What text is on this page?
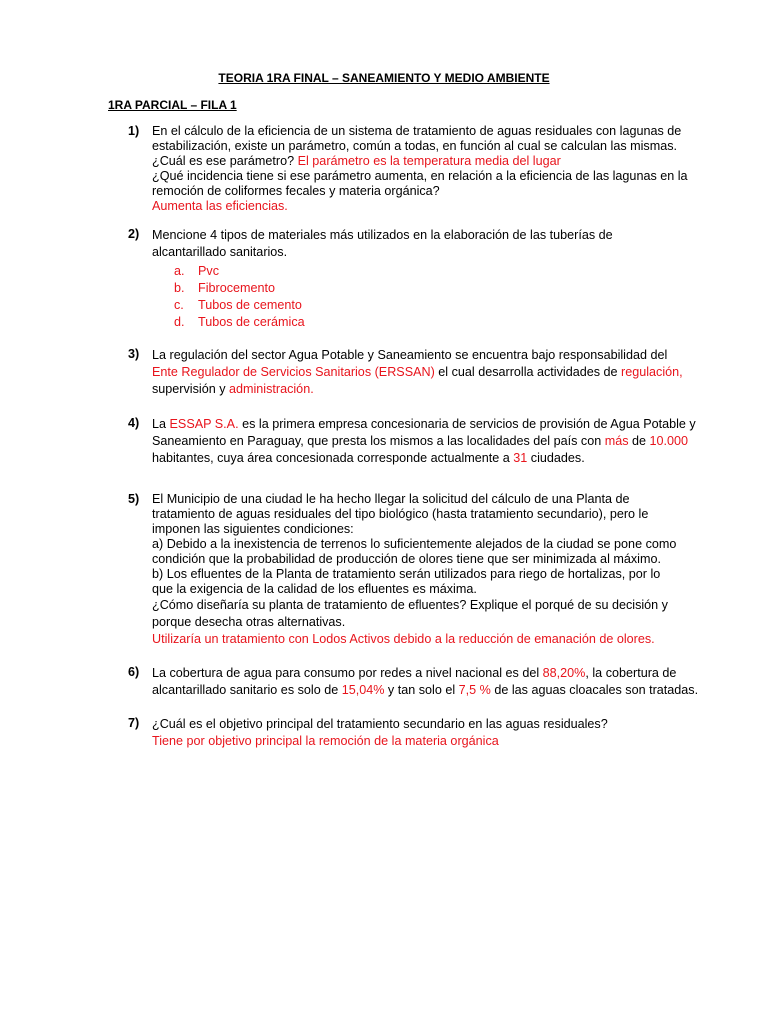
TEORIA 1RA FINAL – SANEAMIENTO Y MEDIO AMBIENTE
1RA PARCIAL – FILA 1
1) En el cálculo de la eficiencia de un sistema de tratamiento de aguas residuales con lagunas de
estabilización, existe un parámetro, común a todas, en función al cual se calculan las mismas.
¿Cuál es ese parámetro? El parámetro es la temperatura media del lugar
¿Qué incidencia tiene si ese parámetro aumenta, en relación a la eficiencia de las lagunas en la
remoción de coliformes fecales y materia orgánica?
Aumenta las eficiencias.
2) Mencione 4 tipos de materiales más utilizados en la elaboración de las tuberías de
alcantarillado sanitarios.
a. Pvc
b. Fibrocemento
c. Tubos de cemento
d. Tubos de cerámica
3) La regulación del sector Agua Potable y Saneamiento se encuentra bajo responsabilidad del
Ente Regulador de Servicios Sanitarios (ERSSAN) el cual desarrolla actividades de regulación,
supervisión y administración.
4) La ESSAP S.A. es la primera empresa concesionaria de servicios de provisión de Agua Potable y
Saneamiento en Paraguay, que presta los mismos a las localidades del país con más de 10.000
habitantes, cuya área concesionada corresponde actualmente a 31 ciudades.
5) El Municipio de una ciudad le ha hecho llegar la solicitud del cálculo de una Planta de
tratamiento de aguas residuales del tipo biológico (hasta tratamiento secundario), pero le
imponen las siguientes condiciones:
a) Debido a la inexistencia de terrenos lo suficientemente alejados de la ciudad se pone como
condición que la probabilidad de producción de olores tiene que ser minimizada al máximo.
b) Los efluentes de la Planta de tratamiento serán utilizados para riego de hortalizas, por lo
que la exigencia de la calidad de los efluentes es máxima.
¿Cómo diseñaría su planta de tratamiento de efluentes? Explique el porqué de su decisión y
porque desecha otras alternativas.
Utilizaría un tratamiento con Lodos Activos debido a la reducción de emanación de olores.
6) La cobertura de agua para consumo por redes a nivel nacional es del 88,20%, la cobertura de
alcantarillado sanitario es solo de 15,04% y tan solo el 7,5 % de las aguas cloacales son tratadas.
7) ¿Cuál es el objetivo principal del tratamiento secundario en las aguas residuales?
Tiene por objetivo principal la remoción de la materia orgánica
